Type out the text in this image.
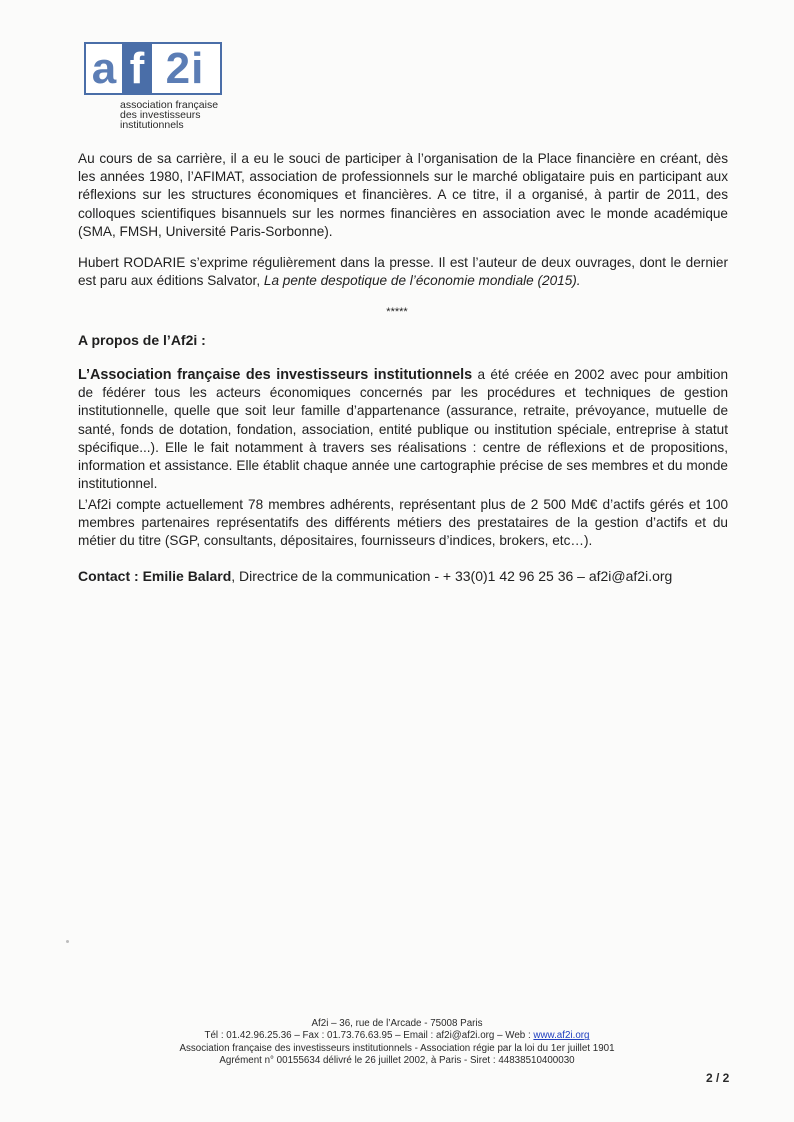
a f 2i
association française
des investisseurs
institutionnels

Au cours de sa carrière, il a eu le souci de participer à l’organisation de la Place financière en créant, dès les années 1980, l’AFIMAT, association de professionnels sur le marché obligataire puis en participant aux réflexions sur les structures économiques et financières. A ce titre, il a organisé, à partir de 2011, des colloques scientifiques bisannuels sur les normes financières en association avec le monde académique (SMA, FMSH, Université Paris-Sorbonne).

Hubert RODARIE s’exprime régulièrement dans la presse. Il est l’auteur de deux ouvrages, dont le dernier est paru aux éditions Salvator, La pente despotique de l’économie mondiale (2015).

*****
A propos de l’Af2i :

L’Association française des investisseurs institutionnels a été créée en 2002 avec pour ambition de fédérer tous les acteurs économiques concernés par les procédures et techniques de gestion institutionnelle, quelle que soit leur famille d’appartenance (assurance, retraite, prévoyance, mutuelle de santé, fonds de dotation, fondation, association, entité publique ou institution spéciale, entreprise à statut spécifique...). Elle le fait notamment à travers ses réalisations : centre de réflexions et de propositions, information et assistance. Elle établit chaque année une cartographie précise de ses membres et du monde institutionnel.

L’Af2i compte actuellement 78 membres adhérents, représentant plus de 2 500 Md€ d’actifs gérés et 100 membres partenaires représentatifs des différents métiers des prestataires de la gestion d’actifs et du métier du titre (SGP, consultants, dépositaires, fournisseurs d’indices, brokers, etc…).

Contact : Emilie Balard, Directrice de la communication - + 33(0)1 42 96 25 36 – af2i@af2i.org
Af2i – 36, rue de l’Arcade - 75008 Paris
Tél : 01.42.96.25.36 – Fax : 01.73.76.63.95 – Email : af2i@af2i.org – Web : www.af2i.org
Association française des investisseurs institutionnels - Association régie par la loi du 1er juillet 1901
Agrément n° 00155634 délivré le 26 juillet 2002, à Paris - Siret : 44838510400030
2 / 2
